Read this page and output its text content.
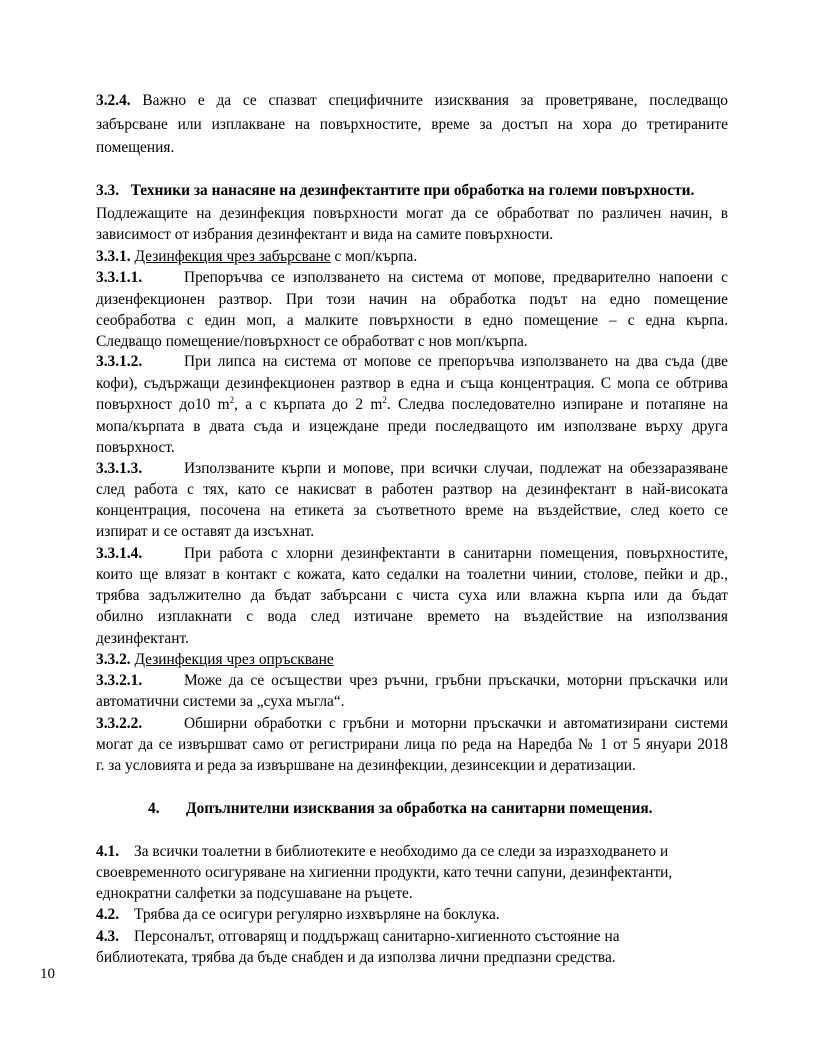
3.2.4. Важно е да се спазват специфичните изисквания за проветряване, последващо
забърсване или изплакване на повърхностите, време за достъп на хора до третираните
помещения.
3.3.   Техники за нанасяне на дезинфектантите при обработка на големи повърхности.
Подлежащите на дезинфекция повърхности могат да се обработват по различен начин, в
зависимост от избрания дезинфектант и вида на самите повърхности.
3.3.1. Дезинфекция чрез забърсване с моп/кърпа.
3.3.1.1.	Препоръчва се използването на система от мопове, предварително напоени с
дизенфекционен разтвор. При този начин на обработка подът на едно помещение
сеобработва с един моп, а малките повърхности в едно помещение – с една кърпа.
Следващо помещение/повърхност се обработват с нов моп/кърпа.
3.3.1.2.	При липса на система от мопове се препоръчва използването на два съда (две
кофи), съдържащи дезинфекционен разтвор в една и съща концентрация. С мопа се обтрива
повърхност до10 $m^2$, а с кърпата до 2 $m^2$. Следва последователно изпиране и потапяне на
мопа/кърпата в двата съда и изцеждане преди последващото им използване върху друга
повърхност.
3.3.1.3.	Използваните кърпи и мопове, при всички случаи, подлежат на обеззаразяване
след работа с тях, като се накисват в работен разтвор на дезинфектант в най-високата
концентрация, посочена на етикета за съответното време на въздействие, след което се
изпират и се оставят да изсъхнат.
3.3.1.4.	При работа с хлорни дезинфектанти в санитарни помещения, повърхностите,
които ще влязат в контакт с кожата, като седалки на тоалетни чинии, столове, пейки и др.,
трябва задължително да бъдат забърсани с чиста суха или влажна кърпа или да бъдат
обилно изплакнати с вода след изтичане времето на въздействие на използвания
дезинфектант.
3.3.2. Дезинфекция чрез опръскване
3.3.2.1.	Може да се осъществи чрез ръчни, гръбни пръскачки, моторни пръскачки или
автоматични системи за „суха мъгла“.
3.3.2.2.	Обширни обработки с гръбни и моторни пръскачки и автоматизирани системи
могат да се извършват само от регистрирани лица по реда на Наредба № 1 от 5 януари 2018
г. за условията и реда за извършване на дезинфекции, дезинсекции и дератизации.
4. Допълнителни изисквания за обработка на санитарни помещения.
4.1. За всички тоалетни в библиотеките е необходимо да се следи за изразходването и
своевременното осигуряване на хигиенни продукти, като течни сапуни, дезинфектанти,
еднократни салфетки за подсушаване на ръцете.
4.2. Трябва да се осигури регулярно изхвърляне на боклука.
4.3. Персоналът, отговарящ и поддържащ санитарно-хигиенното състояние на
библиотеката, трябва да бъде снабден и да използва лични предпазни средства.
10
